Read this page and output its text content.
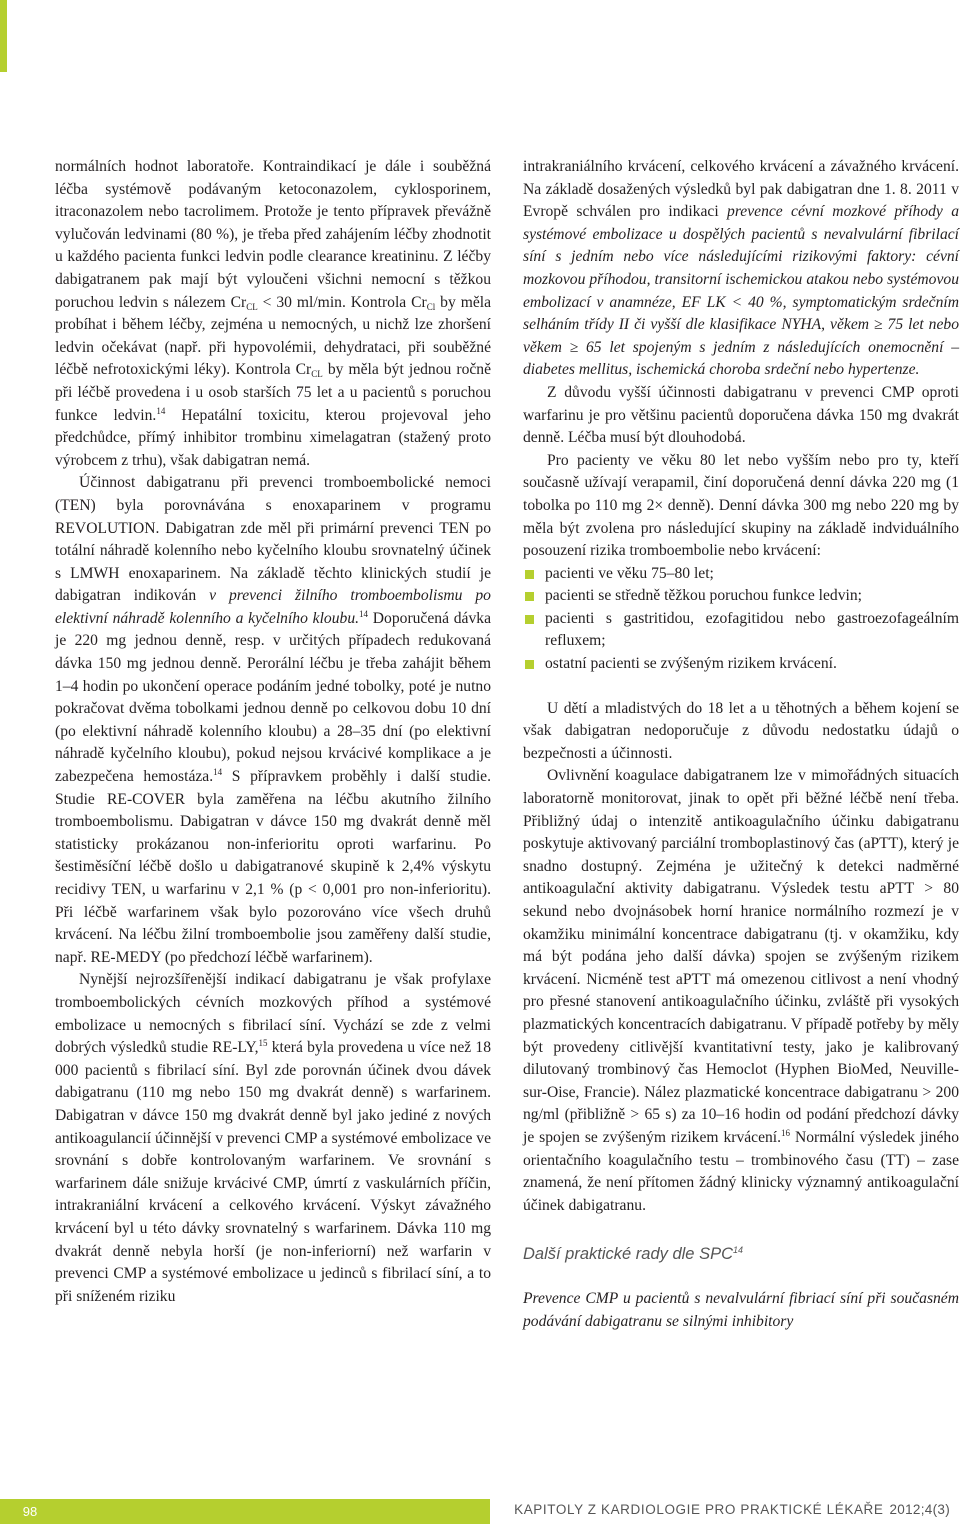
normálních hodnot laboratoře. Kontraindikací je dále i souběžná léčba systémově podávaným ketoconazolem, cyklosporinem, itraconazolem nebo tacrolimem. Protože je tento přípravek převážně vylučován ledvinami (80 %), je třeba před zahájením léčby zhodnotit u každého pacienta funkci ledvin podle clearance kreatininu. Z léčby dabigatranem pak mají být vyloučeni všichni nemocní s těžkou poruchou ledvin s nálezem $Cr_{CL} < 30$ ml/min. Kontrola $Cr_{Cl}$ by měla probíhat i během léčby, zejména u nemocných, u nichž lze zhoršení ledvin očekávat (např. při hypovolémii, dehydrataci, při souběžné léčbě nefrotoxickými léky). Kontrola $Cr_{CL}$ by měla být jednou ročně při léčbě provedena i u osob starších 75 let a u pacientů s poruchou funkce ledvin.$^{14}$ Hepatální toxicitu, kterou projevoval jeho předchůdce, přímý inhibitor trombinu ximelagatran (stažený proto výrobcem z trhu), však dabigatran nemá.

Účinnost dabigatranu při prevenci tromboembolické nemoci (TEN) byla porovnávána s enoxaparinem v programu REVOLUTION. Dabigatran zde měl při primární prevenci TEN po totální náhradě kolenního nebo kyčelního kloubu srovnatelný účinek s LMWH enoxaparinem. Na základě těchto klinických studií je dabigatran indikován v prevenci žilního tromboembolismu po elektivní náhradě kolenního a kyčelního kloubu.$^{14}$ Doporučená dávka je 220 mg jednou denně, resp. v určitých případech redukovaná dávka 150 mg jednou denně. Perorální léčbu je třeba zahájit během 1–4 hodin po ukončení operace podáním jedné tobolky, poté je nutno pokračovat dvěma tobolkami jednou denně po celkovou dobu 10 dní (po elektivní náhradě kolenního kloubu) a 28–35 dní (po elektivní náhradě kyčelního kloubu), pokud nejsou krvácivé komplikace a je zabezpečena hemostáza.$^{14}$ S přípravkem proběhly i další studie. Studie RE-COVER byla zaměřena na léčbu akutního žilního tromboembolismu. Dabigatran v dávce 150 mg dvakrát denně měl statisticky prokázanou non-inferioritu oproti warfarinu. Po šestiměsíční léčbě došlo u dabigatranové skupině k 2,4% výskytu recidivy TEN, u warfarinu v 2,1 % (p < 0,001 pro non-inferioritu). Při léčbě warfarinem však bylo pozorováno více všech druhů krvácení. Na léčbu žilní tromboembolie jsou zaměřeny další studie, např. RE-MEDY (po předchozí léčbě warfarinem).

Nynější nejrozšířenější indikací dabigatranu je však profylaxe tromboembolických cévních mozkových příhod a systémové embolizace u nemocných s fibrilací síní. Vychází se zde z velmi dobrých výsledků studie RE-LY,$^{15}$ která byla provedena u více než 18 000 pacientů s fibrilací síní. Byl zde porovnán účinek dvou dávek dabigatranu (110 mg nebo 150 mg dvakrát denně) s warfarinem. Dabigatran v dávce 150 mg dvakrát denně byl jako jediné z nových antikoagulancií účinnější v prevenci CMP a systémové embolizace ve srovnání s dobře kontrolovaným warfarinem. Ve srovnání s warfarinem dále snižuje krvácivé CMP, úmrtí z vaskulárních příčin, intrakraniální krvácení a celkového krvácení. Výskyt závažného krvácení byl u této dávky srovnatelný s warfarinem. Dávka 110 mg dvakrát denně nebyla horší (je non-inferiorní) než warfarin v prevenci CMP a systémové embolizace u jedinců s fibrilací síní, a to při sníženém riziku

intrakraniálního krvácení, celkového krvácení a závažného krvácení. Na základě dosažených výsledků byl pak dabigatran dne 1. 8. 2011 v Evropě schválen pro indikaci prevence cévní mozkové příhody a systémové embolizace u dospělých pacientů s nevalvulární fibrilací síní s jedním nebo více následujícími rizikovými faktory: cévní mozkovou příhodou, transitorní ischemickou atakou nebo systémovou embolizací v anamnéze, EF LK < 40 %, symptomatickým srdečním selháním třídy II či vyšší dle klasifikace NYHA, věkem ≥ 75 let nebo věkem ≥ 65 let spojeným s jedním z následujících onemocnění – diabetes mellitus, ischemická choroba srdeční nebo hypertenze.

Z důvodu vyšší účinnosti dabigatranu v prevenci CMP oproti warfarinu je pro většinu pacientů doporučena dávka 150 mg dvakrát denně. Léčba musí být dlouhodobá.

Pro pacienty ve věku 80 let nebo vyšším nebo pro ty, kteří současně užívají verapamil, činí doporučená denní dávka 220 mg (1 tobolka po 110 mg 2× denně). Denní dávka 300 mg nebo 220 mg by měla být zvolena pro následující skupiny na základě indviduálního posouzení rizika tromboembolie nebo krvácení:

pacienti ve věku 75–80 let;
pacienti se středně těžkou poruchou funkce ledvin;
pacienti s gastritidou, ezofagitidou nebo gastroezofageálním refluxem;
ostatní pacienti se zvýšeným rizikem krvácení.

U dětí a mladistvých do 18 let a u těhotných a během kojení se však dabigatran nedoporučuje z důvodu nedostatku údajů o bezpečnosti a účinnosti.

Ovlivnění koagulace dabigatranem lze v mimořádných situacích laboratorně monitorovat, jinak to opět při běžné léčbě není třeba. Přibližný údaj o intenzitě antikoagulačního účinku dabigatranu poskytuje aktivovaný parciální tromboplastinový čas (aPTT), který je snadno dostupný. Zejména je užitečný k detekci nadměrné antikoagulační aktivity dabigatranu. Výsledek testu aPTT > 80 sekund nebo dvojnásobek horní hranice normálního rozmezí je v okamžiku minimální koncentrace dabigatranu (tj. v okamžiku, kdy má být podána jeho další dávka) spojen se zvýšeným rizikem krvácení. Nicméně test aPTT má omezenou citlivost a není vhodný pro přesné stanovení antikoagulačního účinku, zvláště při vysokých plazmatických koncentracích dabigatranu. V případě potřeby by měly být provedeny citlivější kvantitativní testy, jako je kalibrovaný dilutovaný trombinový čas Hemoclot (Hyphen BioMed, Neuville-sur-Oise, Francie). Nález plazmatické koncentrace dabigatranu > 200 ng/ml (přibližně > 65 s) za 10–16 hodin od podání předchozí dávky je spojen se zvýšeným rizikem krvácení.$^{16}$ Normální výsledek jiného orientačního koagulačního testu – trombinového času (TT) – zase znamená, že není přítomen žádný klinicky významný antikoagulační účinek dabigatranu.

Další praktické rady dle SPC$^{14}$

Prevence CMP u pacientů s nevalvulární fibriací síní při současném podávání dabigatranu se silnými inhibitory

98	KAPITOLY Z KARDIOLOGIE PRO PRAKTICKÉ LÉKAŘE 2012;4(3)
